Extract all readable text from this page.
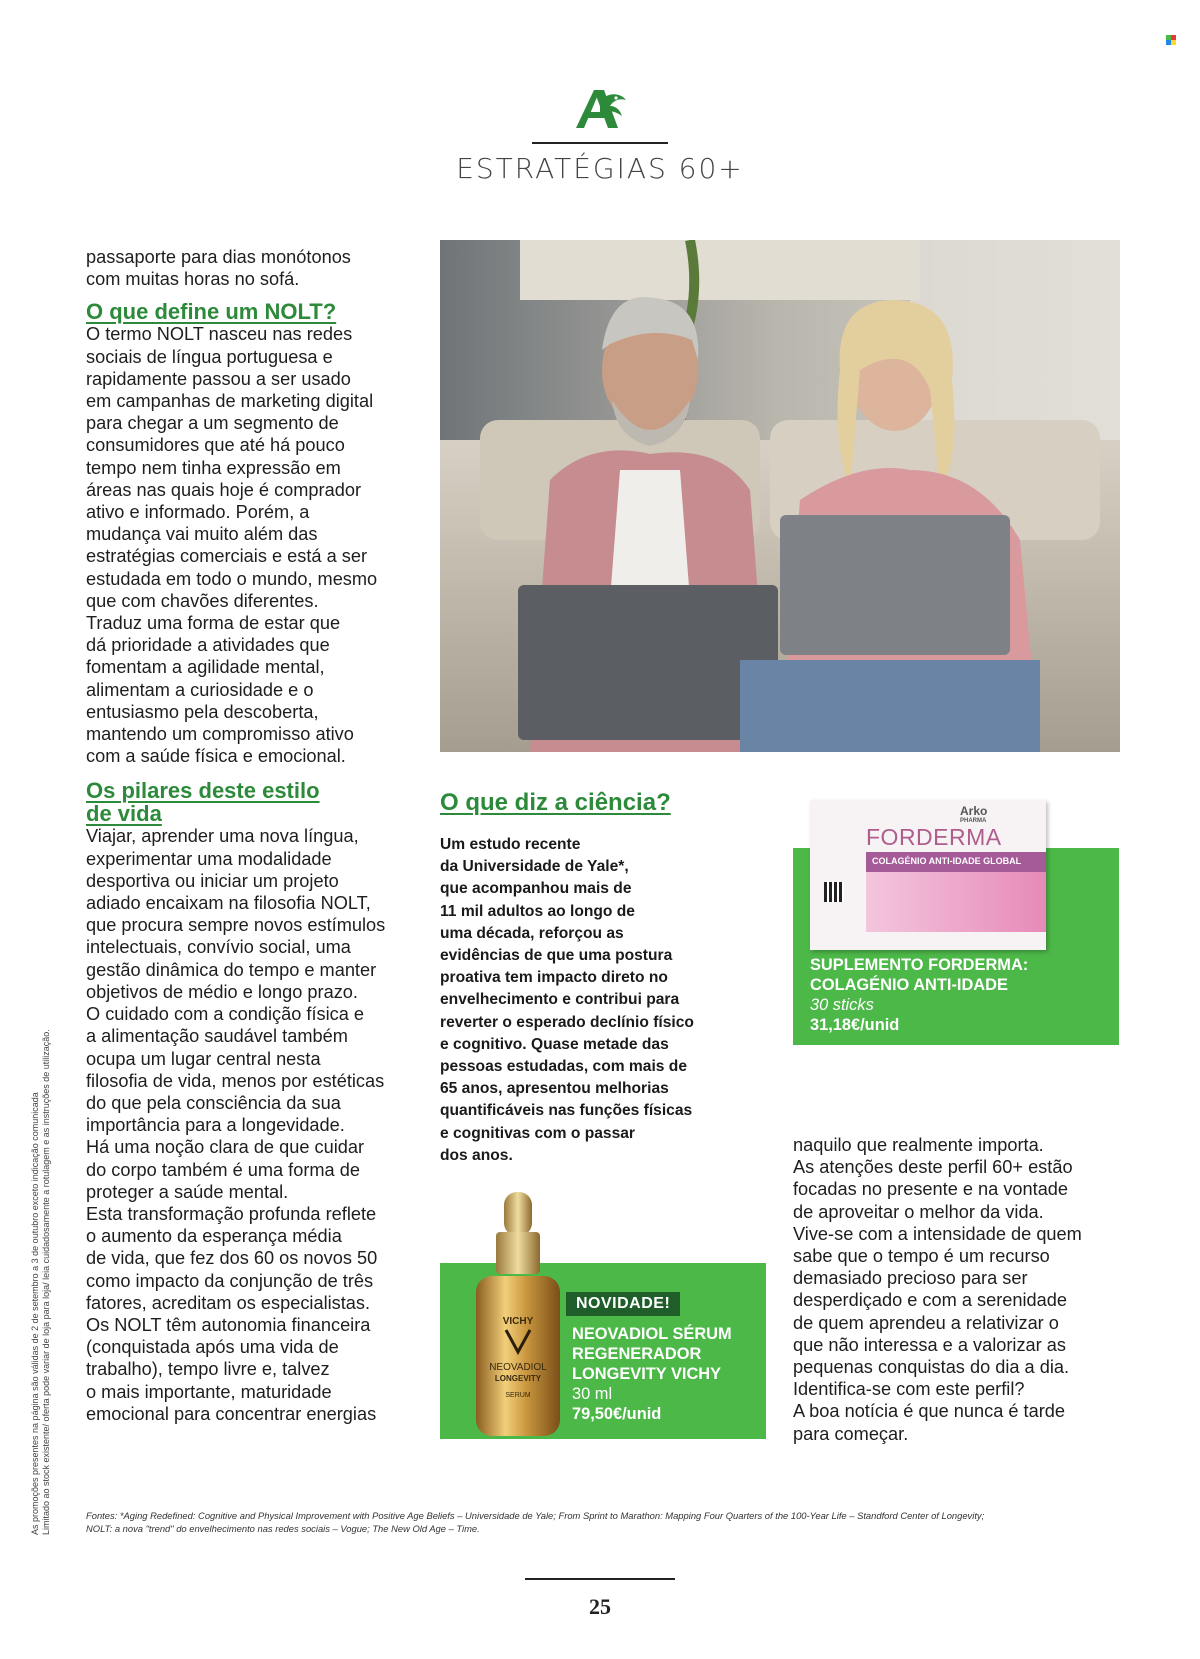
ESTRATÉGIAS 60+

passaporte para dias monótonos

com muitas horas no sofá.

O que define um NOLT?

O termo NOLT nasceu nas redes

sociais de língua portuguesa e

rapidamente passou a ser usado

em campanhas de marketing digital

para chegar a um segmento de

consumidores que até há pouco

tempo nem tinha expressão em

áreas nas quais hoje é comprador

ativo e informado. Porém, a

mudança vai muito além das

estratégias comerciais e está a ser

estudada em todo o mundo, mesmo

que com chavões diferentes.

Traduz uma forma de estar que

dá prioridade a atividades que

fomentam a agilidade mental,

alimentam a curiosidade e o

entusiasmo pela descoberta,

mantendo um compromisso ativo

com a saúde física e emocional.

Os pilares deste estilo

de vida

Viajar, aprender uma nova língua,

experimentar uma modalidade

desportiva ou iniciar um projeto

adiado encaixam na filosofia NOLT,

que procura sempre novos estímulos

intelectuais, convívio social, uma

gestão dinâmica do tempo e manter

objetivos de médio e longo prazo.

O cuidado com a condição física e

a alimentação saudável também

ocupa um lugar central nesta

filosofia de vida, menos por estéticas

do que pela consciência da sua

importância para a longevidade.

Há uma noção clara de que cuidar

do corpo também é uma forma de

proteger a saúde mental.

Esta transformação profunda reflete

o aumento da esperança média

de vida, que fez dos 60 os novos 50

como impacto da conjunção de três

fatores, acreditam os especialistas.

Os NOLT têm autonomia financeira

(conquistada após uma vida de

trabalho), tempo livre e, talvez

o mais importante, maturidade

emocional para concentrar energias

O que diz a ciência?

Um estudo recente
da Universidade de Yale*,
que acompanhou mais de
11 mil adultos ao longo de
uma década, reforçou as
evidências de que uma postura
proativa tem impacto direto no
envelhecimento e contribui para
reverter o esperado declínio físico
e cognitivo. Quase metade das
pessoas estudadas, com mais de
65 anos, apresentou melhorias
quantificáveis nas funções físicas
e cognitivas com o passar
dos anos.
Arko
PHARMA
FORDERMA
COLAGÉNIO ANTI-IDADE GLOBAL
SUPLEMENTO FORDERMA:
COLAGÉNIO ANTI-IDADE
30 sticks
31,18€/unid
VICHY
NEOVADIOL
LONGEVITY
SERUM
NOVIDADE!
NEOVADIOL SÉRUM
REGENERADOR
LONGEVITY VICHY
30 ml
79,50€/unid

naquilo que realmente importa.

As atenções deste perfil 60+ estão

focadas no presente e na vontade

de aproveitar o melhor da vida.

Vive-se com a intensidade de quem

sabe que o tempo é um recurso

demasiado precioso para ser

desperdiçado e com a serenidade

de quem aprendeu a relativizar o

que não interessa e a valorizar as

pequenas conquistas do dia a dia.

Identifica-se com este perfil?

A boa notícia é que nunca é tarde

para começar.

As promoções presentes na página são válidas de 2 de setembro a 3 de outubro exceto indicação comunicada Limitado ao stock existente/ oferta pode variar de loja para loja/ leia cuidadosamente a rotulagem e as instruções de utilização.	Fontes: *Aging Redefined: Cognitive and Physical Improvement with Positive Age Beliefs – Universidade de Yale; From Sprint to Marathon: Mapping Four Quarters of the 100-Year Life – Standford Center of Longevity;
NOLT: a nova "trend" do envelhecimento nas redes sociais – Vogue; The New Old Age – Time.
25
